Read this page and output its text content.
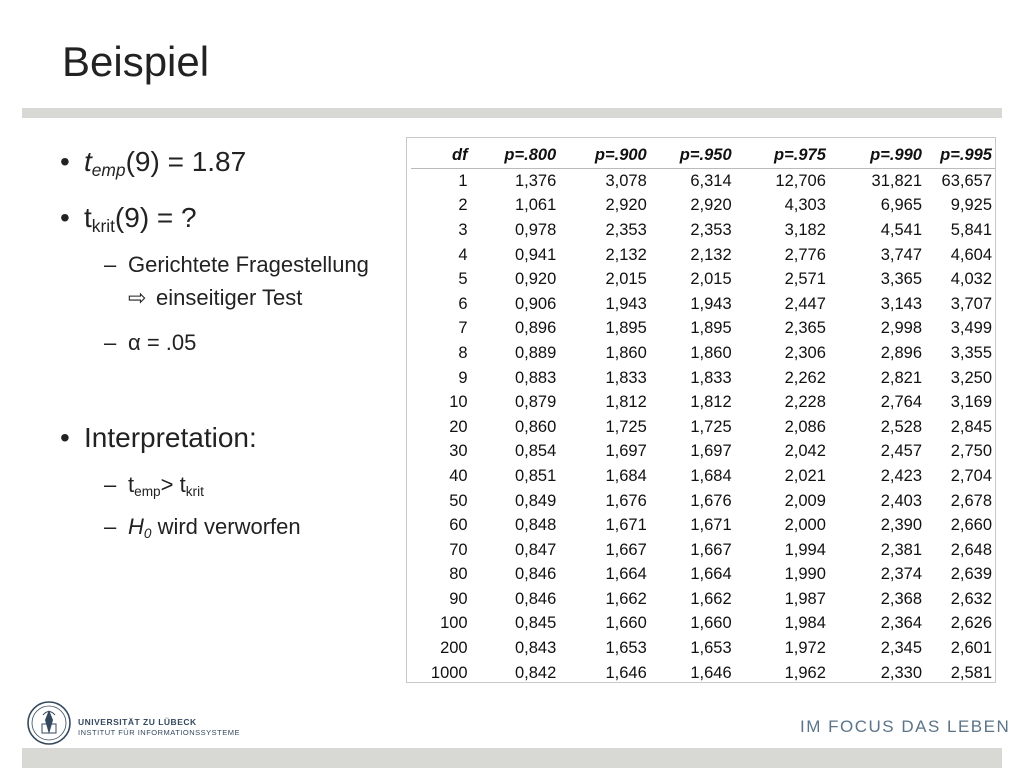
Beispiel
• $t_{emp}(9) = 1.87$
• $t_{krit}(9)$ = ?
– Gerichtete Fragestellung
⇨ einseitiger Test
– α = .05
• Interpretation:
– $t_{emp}> t_{krit}$
– $H_0$ wird verworfen
df	p=.800	p=.900	p=.950	p=.975	p=.990	p=.995
1	1,376	3,078	6,314	12,706	31,821	63,657
2	1,061	2,920	2,920	4,303	6,965	9,925
3	0,978	2,353	2,353	3,182	4,541	5,841
4	0,941	2,132	2,132	2,776	3,747	4,604
5	0,920	2,015	2,015	2,571	3,365	4,032
6	0,906	1,943	1,943	2,447	3,143	3,707
7	0,896	1,895	1,895	2,365	2,998	3,499
8	0,889	1,860	1,860	2,306	2,896	3,355
9	0,883	1,833	1,833	2,262	2,821	3,250
10	0,879	1,812	1,812	2,228	2,764	3,169
20	0,860	1,725	1,725	2,086	2,528	2,845
30	0,854	1,697	1,697	2,042	2,457	2,750
40	0,851	1,684	1,684	2,021	2,423	2,704
50	0,849	1,676	1,676	2,009	2,403	2,678
60	0,848	1,671	1,671	2,000	2,390	2,660
70	0,847	1,667	1,667	1,994	2,381	2,648
80	0,846	1,664	1,664	1,990	2,374	2,639
90	0,846	1,662	1,662	1,987	2,368	2,632
100	0,845	1,660	1,660	1,984	2,364	2,626
200	0,843	1,653	1,653	1,972	2,345	2,601
1000	0,842	1,646	1,646	1,962	2,330	2,581
UNIVERSITÄT ZU LÜBECK
INSTITUT FÜR INFORMATIONSSYSTEME	IM FOCUS DAS LEBEN
